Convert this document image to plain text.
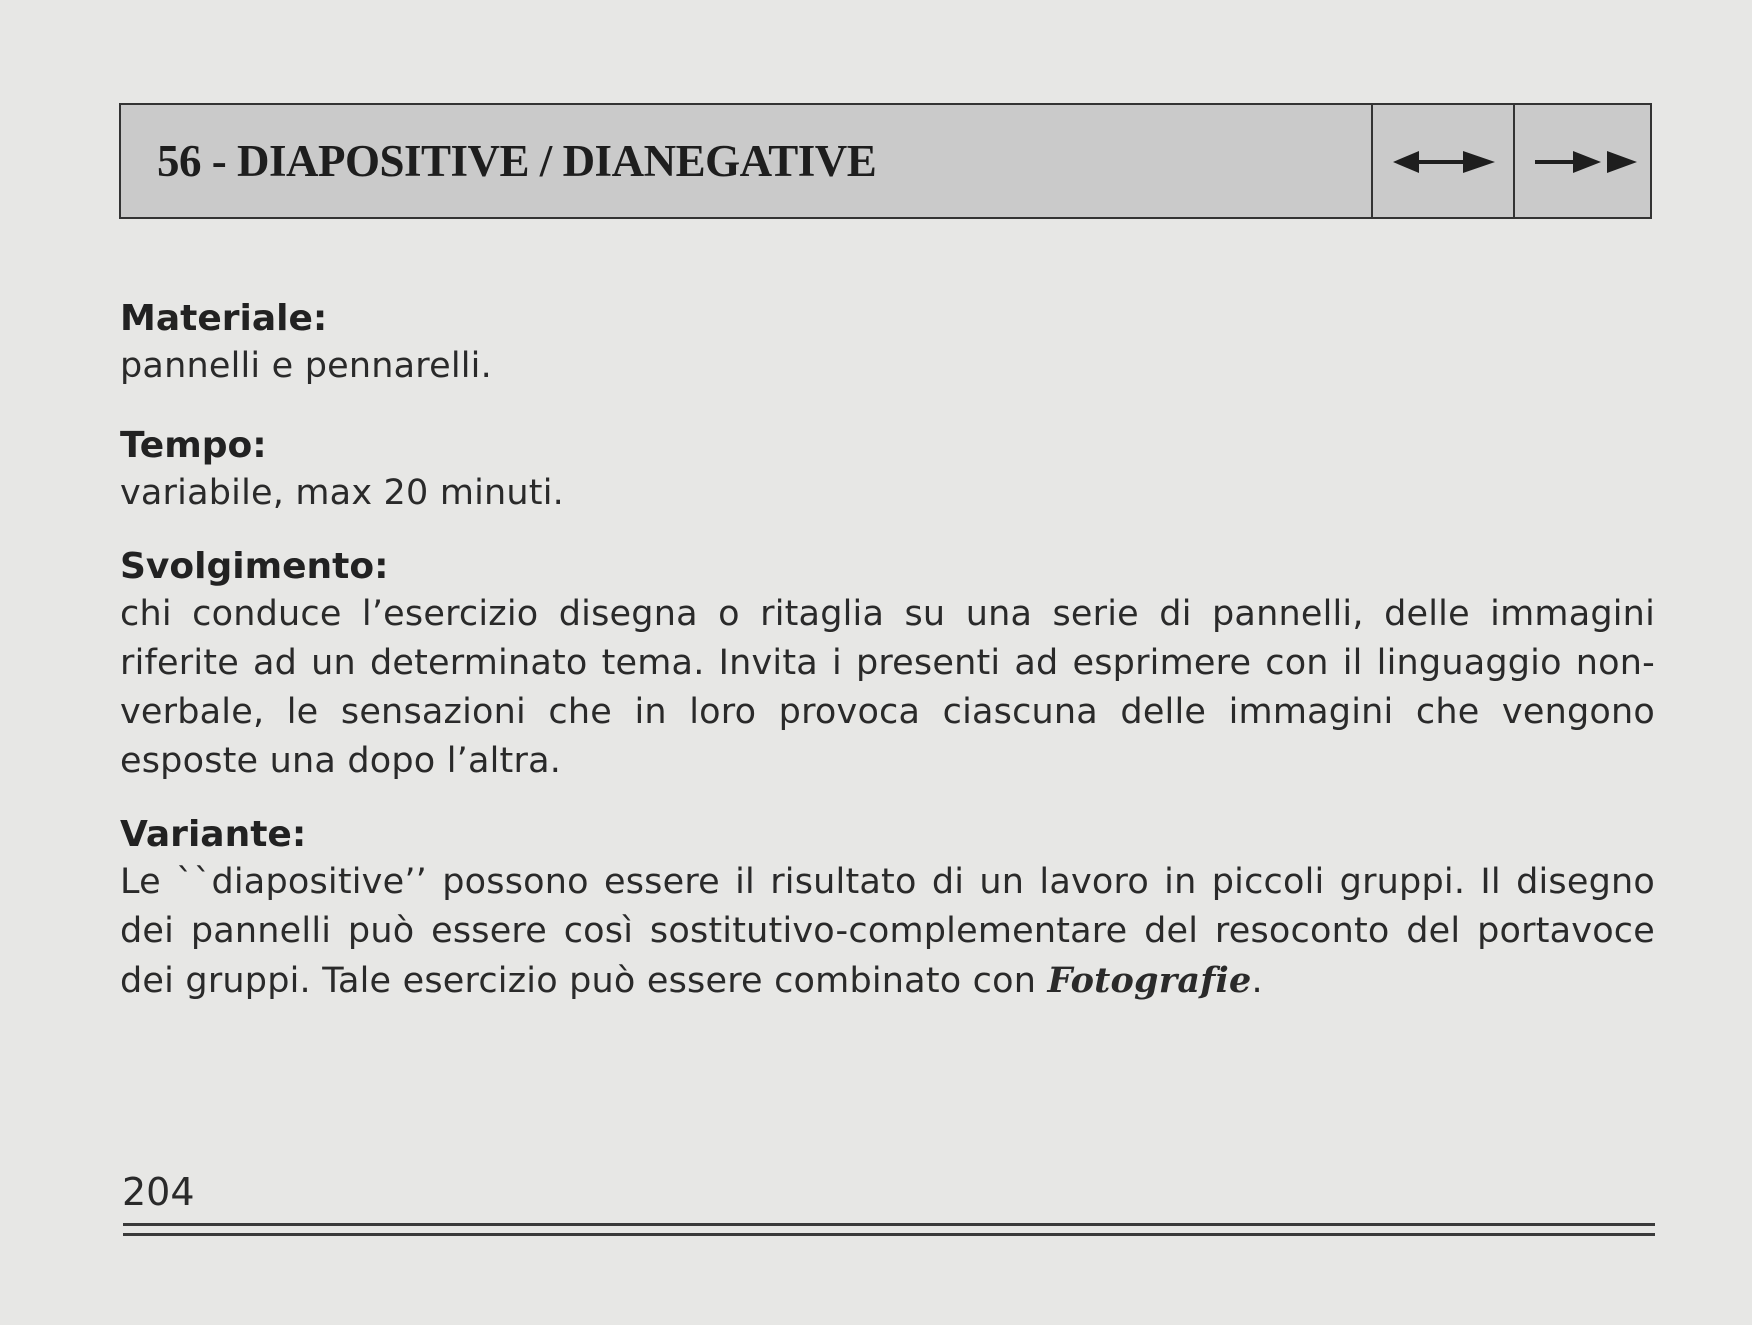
56 - DIAPOSITIVE / DIANEGATIVE
Materiale:
pannelli e pennarelli.
Tempo:
variabile, max 20 minuti.
Svolgimento:
chi conduce l’esercizio disegna o ritaglia su una serie di pannelli, delle immagini riferite ad un determinato tema. Invita i presenti ad esprimere con il linguaggio non-verbale, le sensazioni che in loro provoca ciascuna delle immagini che vengono esposte una dopo l’altra.
Variante:
Le ``diapositive’’ possono essere il risultato di un lavoro in piccoli gruppi. Il disegno dei pannelli può essere così sostitutivo-complementare del resoconto del portavoce dei gruppi. Tale esercizio può essere combinato con Fotografie.
204
